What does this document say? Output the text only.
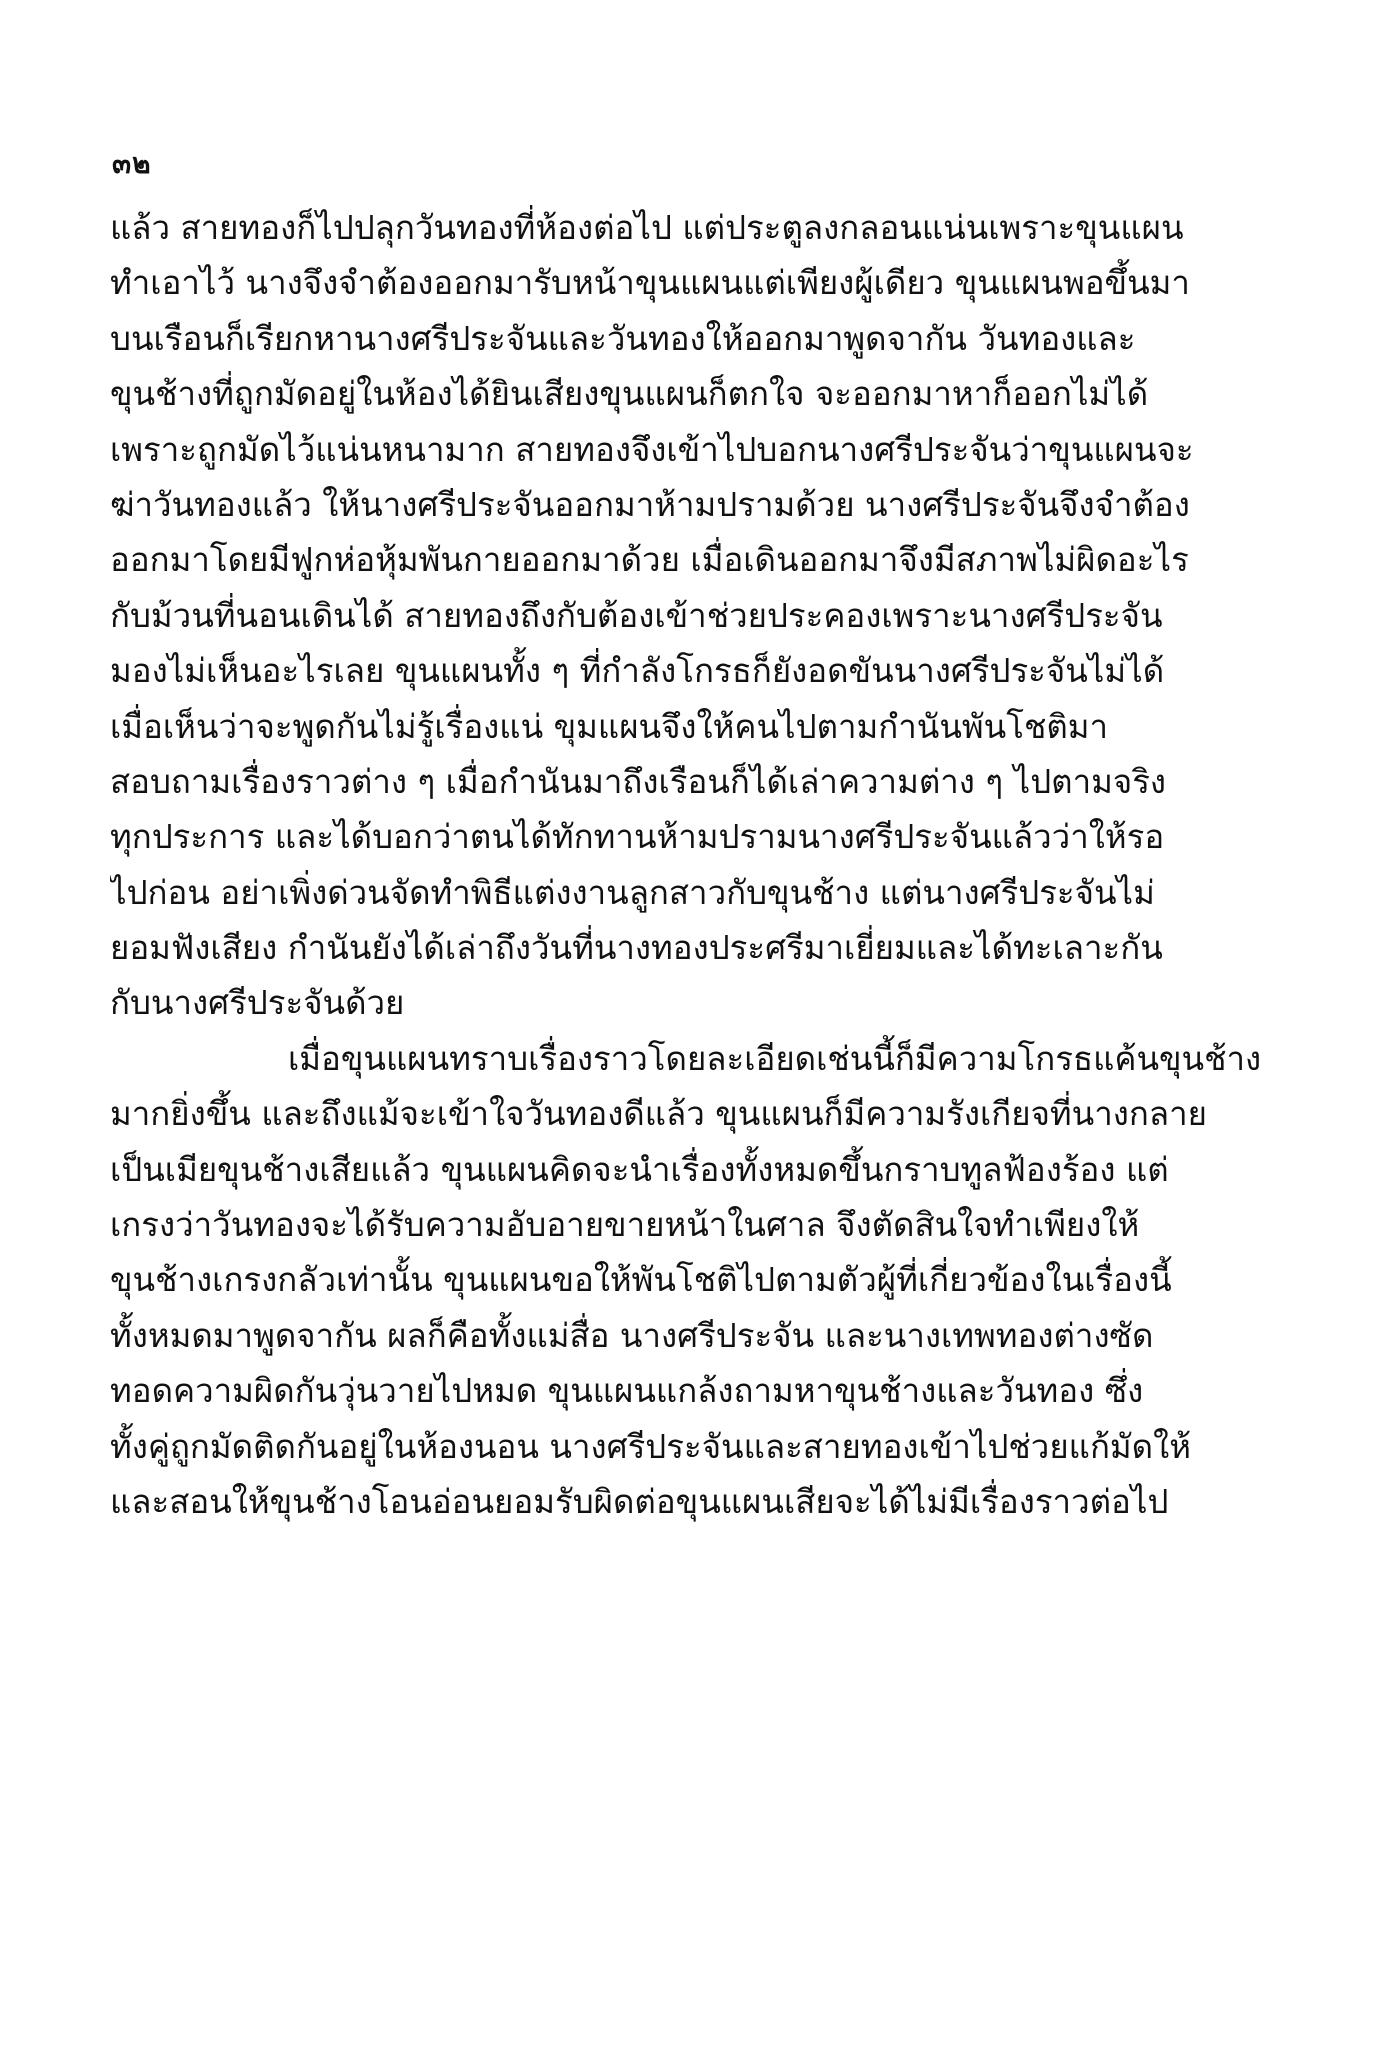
๓๒
แล้ว สายทองก็ไปปลุกวันทองที่ห้องต่อไป แต่ประตูลงกลอนแน่นเพราะขุนแผน
ทำเอาไว้ นางจึงจำต้องออกมารับหน้าขุนแผนแต่เพียงผู้เดียว ขุนแผนพอขึ้นมา
บนเรือนก็เรียกหานางศรีประจันและวันทองให้ออกมาพูดจากัน วันทองและ
ขุนช้างที่ถูกมัดอยู่ในห้องได้ยินเสียงขุนแผนก็ตกใจ จะออกมาหาก็ออกไม่ได้
เพราะถูกมัดไว้แน่นหนามาก สายทองจึงเข้าไปบอกนางศรีประจันว่าขุนแผนจะ
ฆ่าวันทองแล้ว ให้นางศรีประจันออกมาห้ามปรามด้วย นางศรีประจันจึงจำต้อง
ออกมาโดยมีฟูกห่อหุ้มพันกายออกมาด้วย เมื่อเดินออกมาจึงมีสภาพไม่ผิดอะไร
กับม้วนที่นอนเดินได้ สายทองถึงกับต้องเข้าช่วยประคองเพราะนางศรีประจัน
มองไม่เห็นอะไรเลย ขุนแผนทั้ง ๆ ที่กำลังโกรธก็ยังอดขันนางศรีประจันไม่ได้
เมื่อเห็นว่าจะพูดกันไม่รู้เรื่องแน่ ขุมแผนจึงให้คนไปตามกำนันพันโชติมา
สอบถามเรื่องราวต่าง ๆ เมื่อกำนันมาถึงเรือนก็ได้เล่าความต่าง ๆ ไปตามจริง
ทุกประการ และได้บอกว่าตนได้ทักทานห้ามปรามนางศรีประจันแล้วว่าให้รอ
ไปก่อน อย่าเพิ่งด่วนจัดทำพิธีแต่งงานลูกสาวกับขุนช้าง แต่นางศรีประจันไม่
ยอมฟังเสียง กำนันยังได้เล่าถึงวันที่นางทองประศรีมาเยี่ยมและได้ทะเลาะกัน
กับนางศรีประจันด้วย
เมื่อขุนแผนทราบเรื่องราวโดยละเอียดเช่นนี้ก็มีความโกรธแค้นขุนช้าง
มากยิ่งขึ้น และถึงแม้จะเข้าใจวันทองดีแล้ว ขุนแผนก็มีความรังเกียจที่นางกลาย
เป็นเมียขุนช้างเสียแล้ว ขุนแผนคิดจะนำเรื่องทั้งหมดขึ้นกราบทูลฟ้องร้อง แต่
เกรงว่าวันทองจะได้รับความอับอายขายหน้าในศาล จึงตัดสินใจทำเพียงให้
ขุนช้างเกรงกลัวเท่านั้น ขุนแผนขอให้พันโชติไปตามตัวผู้ที่เกี่ยวข้องในเรื่องนี้
ทั้งหมดมาพูดจากัน ผลก็คือทั้งแม่สื่อ นางศรีประจัน และนางเทพทองต่างซัด
ทอดความผิดกันวุ่นวายไปหมด ขุนแผนแกล้งถามหาขุนช้างและวันทอง ซึ่ง
ทั้งคู่ถูกมัดติดกันอยู่ในห้องนอน นางศรีประจันและสายทองเข้าไปช่วยแก้มัดให้
และสอนให้ขุนช้างโอนอ่อนยอมรับผิดต่อขุนแผนเสียจะได้ไม่มีเรื่องราวต่อไป
